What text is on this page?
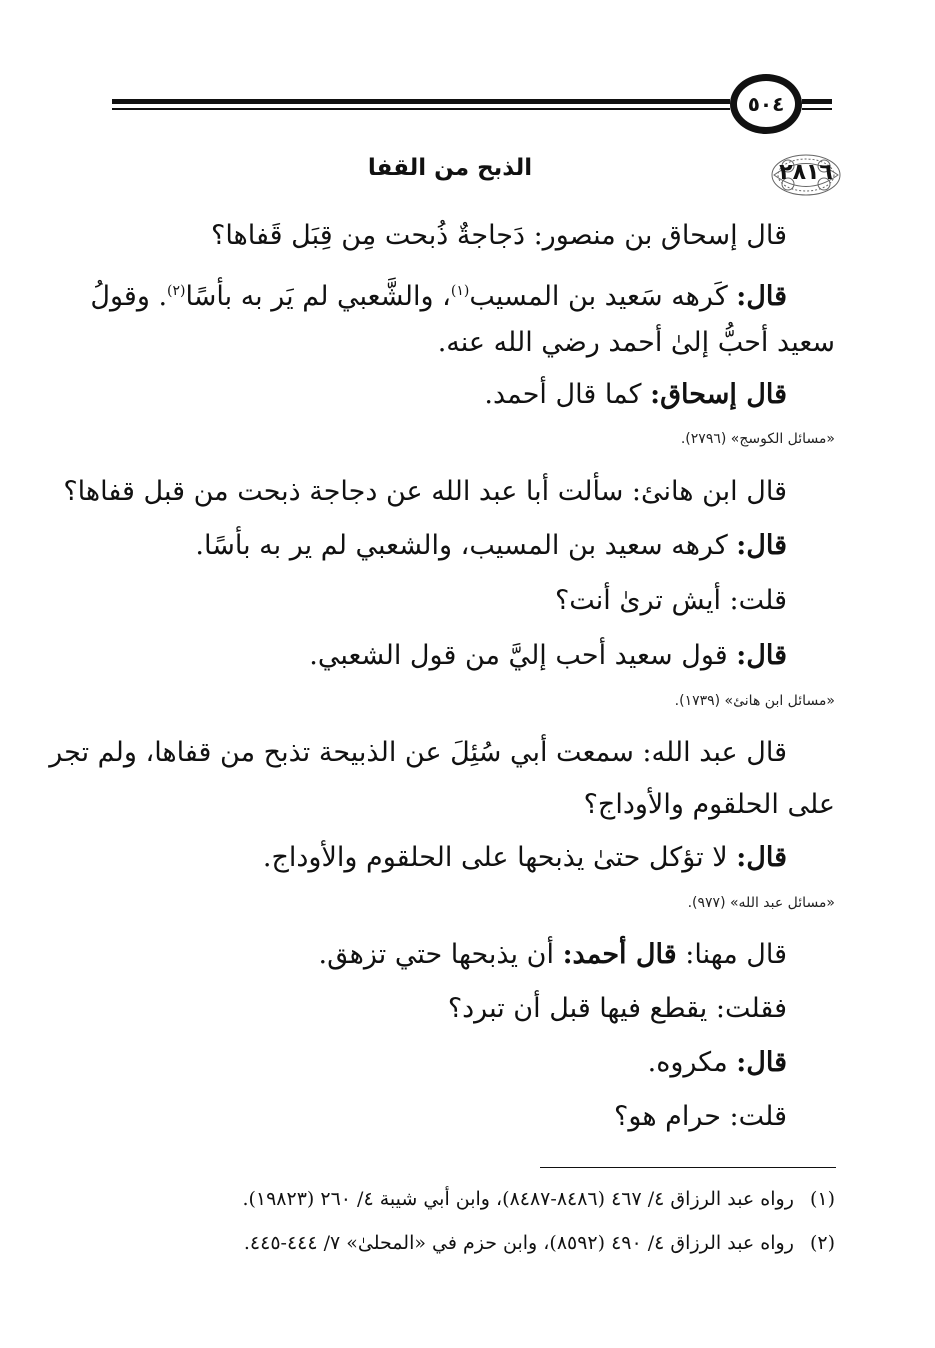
٥٠٤
٢٨١٦
الذبح من القفا
قال إسحاق بن منصور: دَجاجةٌ ذُبحت مِن قِبَل قَفاها؟
قال: كَرهه سَعيد بن المسيب$^{(١)}$، والشَّعبي لم يَر به بأسًا$^{(٢)}$. وقولُ
سعيد أحبُّ إلىٰ أحمد رضي الله عنه.
قال إسحاق: كما قال أحمد.
«مسائل الكوسج» (٢٧٩٦).
قال ابن هانئ: سألت أبا عبد الله عن دجاجة ذبحت من قبل قفاها؟
قال: كرهه سعيد بن المسيب، والشعبي لم ير به بأسًا.
قلت: أيش ترىٰ أنت؟
قال: قول سعيد أحب إليَّ من قول الشعبي.
«مسائل ابن هانئ» (١٧٣٩).
قال عبد الله: سمعت أبي سُئِلَ عن الذبيحة تذبح من قفاها، ولم تجر
على الحلقوم والأوداج؟
قال: لا تؤكل حتىٰ يذبحها على الحلقوم والأوداج.
«مسائل عبد الله» (٩٧٧).
قال مهنا: قال أحمد: أن يذبحها حتي تزهق.
فقلت: يقطع فيها قبل أن تبرد؟
قال: مكروه.
قلت: حرام هو؟
(١) رواه عبد الرزاق ٤/ ٤٦٧ (٨٤٨٦-٨٤٨٧)، وابن أبي شيبة ٤/ ٢٦٠ (١٩٨٢٣).
(٢) رواه عبد الرزاق ٤/ ٤٩٠ (٨٥٩٢)، وابن حزم في «المحلىٰ» ٧/ ٤٤٤-٤٤٥.
